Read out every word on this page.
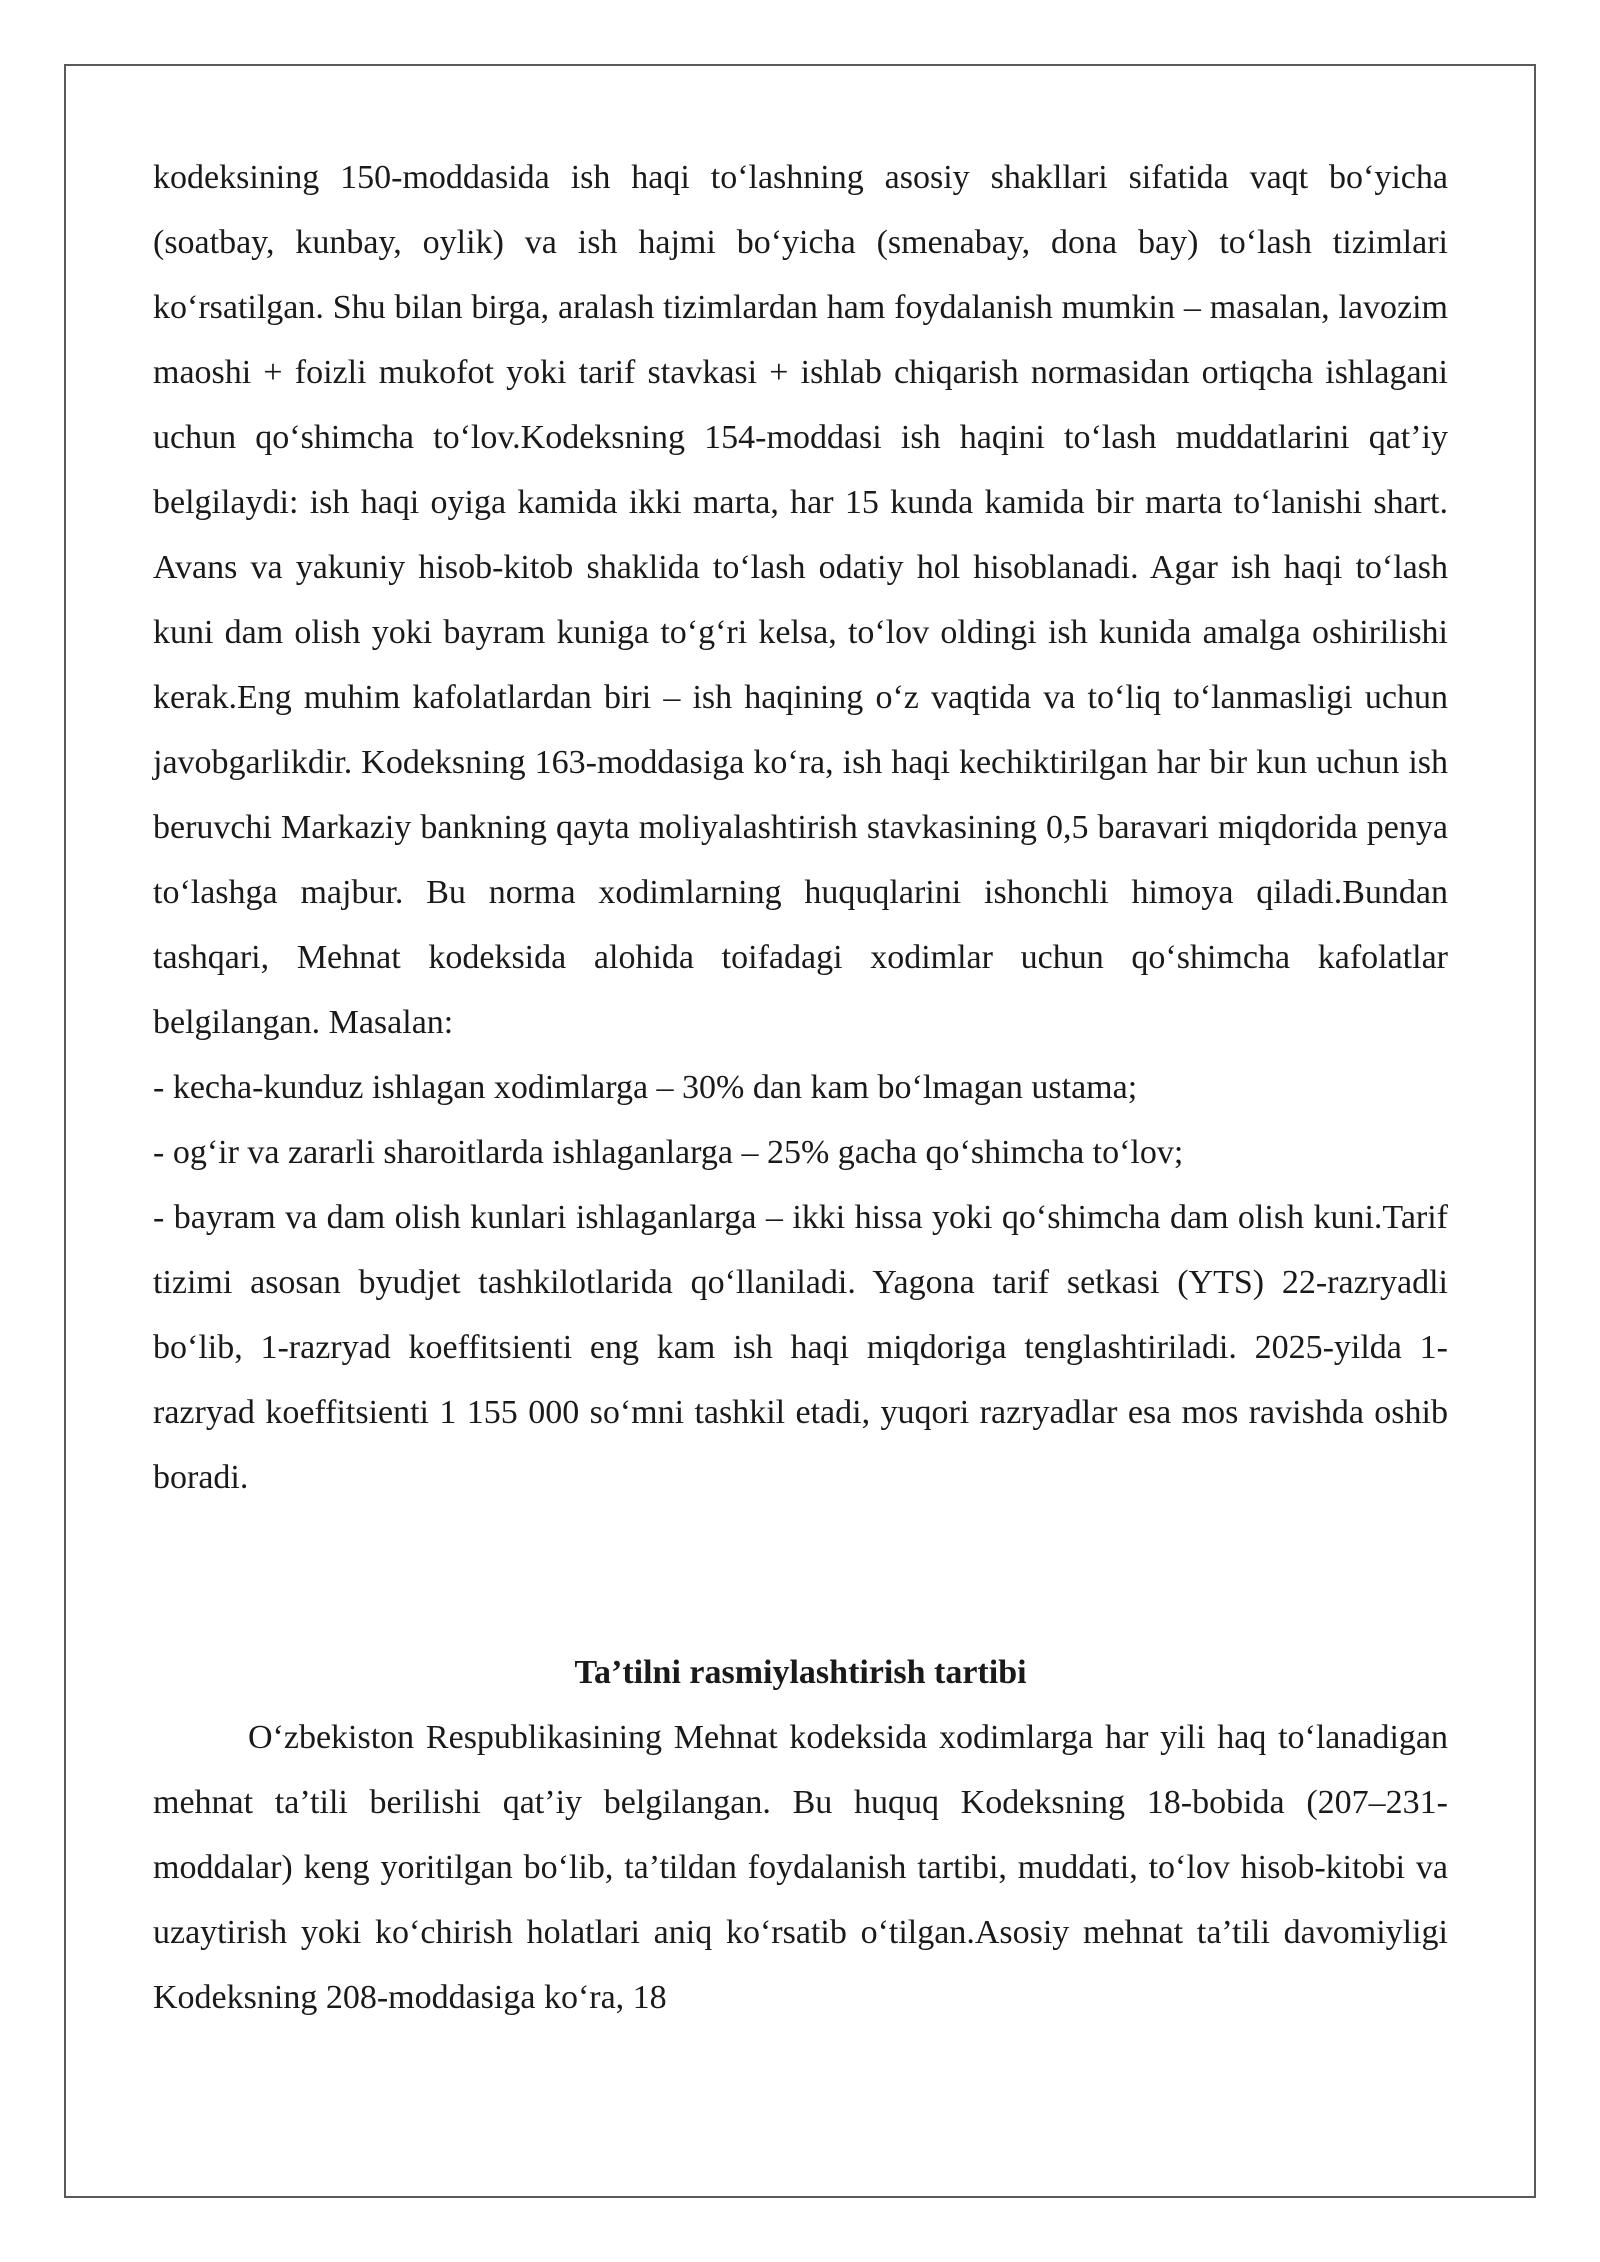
kodeksining 150-moddasida ish haqi to‘lashning asosiy shakllari sifatida vaqt bo‘yicha (soatbay, kunbay, oylik) va ish hajmi bo‘yicha (smenabay, dona bay) to‘lash tizimlari ko‘rsatilgan. Shu bilan birga, aralash tizimlardan ham foydalanish mumkin – masalan, lavozim maoshi + foizli mukofot yoki tarif stavkasi + ishlab chiqarish normasidan ortiqcha ishlagani uchun qo‘shimcha to‘lov.Kodeksning 154-moddasi ish haqini to‘lash muddatlarini qat’iy belgilaydi: ish haqi oyiga kamida ikki marta, har 15 kunda kamida bir marta to‘lanishi shart. Avans va yakuniy hisob-kitob shaklida to‘lash odatiy hol hisoblanadi. Agar ish haqi to‘lash kuni dam olish yoki bayram kuniga to‘g‘ri kelsa, to‘lov oldingi ish kunida amalga oshirilishi kerak.Eng muhim kafolatlardan biri – ish haqining o‘z vaqtida va to‘liq to‘lanmasligi uchun javobgarlikdir. Kodeksning 163-moddasiga ko‘ra, ish haqi kechiktirilgan har bir kun uchun ish beruvchi Markaziy bankning qayta moliyalashtirish stavkasining 0,5 baravari miqdorida penya to‘lashga majbur. Bu norma xodimlarning huquqlarini ishonchli himoya qiladi.Bundan tashqari, Mehnat kodeksida alohida toifadagi xodimlar uchun qo‘shimcha kafolatlar belgilangan. Masalan:

- kecha-kunduz ishlagan xodimlarga – 30% dan kam bo‘lmagan ustama;

- og‘ir va zararli sharoitlarda ishlaganlarga – 25% gacha qo‘shimcha to‘lov;

- bayram va dam olish kunlari ishlaganlarga – ikki hissa yoki qo‘shimcha dam olish kuni.Tarif tizimi asosan byudjet tashkilotlarida qo‘llaniladi. Yagona tarif setkasi (YTS) 22-razryadli bo‘lib, 1-razryad koeffitsienti eng kam ish haqi miqdoriga tenglashtiriladi. 2025-yilda 1-razryad koeffitsienti 1 155 000 so‘mni tashkil etadi, yuqori razryadlar esa mos ravishda oshib boradi.

Ta’tilni rasmiylashtirish tartibi

O‘zbekiston Respublikasining Mehnat kodeksida xodimlarga har yili haq to‘lanadigan mehnat ta’tili berilishi qat’iy belgilangan. Bu huquq Kodeksning 18-bobida (207–231-moddalar) keng yoritilgan bo‘lib, ta’tildan foydalanish tartibi, muddati, to‘lov hisob-kitobi va uzaytirish yoki ko‘chirish holatlari aniq ko‘rsatib o‘tilgan.Asosiy mehnat ta’tili davomiyligi Kodeksning 208-moddasiga ko‘ra, 18
